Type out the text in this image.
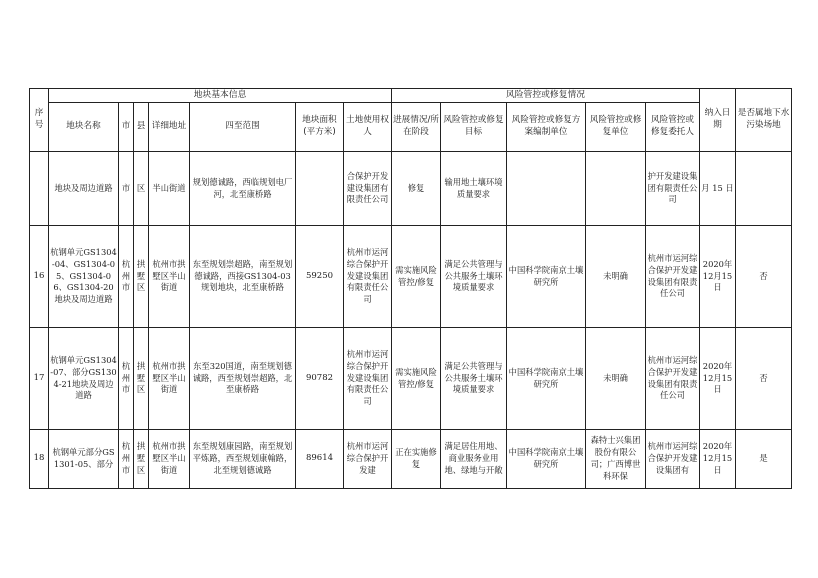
序号	地块基本信息							风险管控或修复情况					纳入日期	是否属地下水污染场地
	地块名称	市	县	详细地址	四至范围	地块面积(平方米)	土地使用权人	进展情况/所在阶段	风险管控或修复目标	风险管控或修复方案编制单位	风险管控或修复单位	风险管控或修复委托人		
	地块及周边道路	市	区	半山街道	规划德诚路，西临规划电厂河，北至康桥路		合保护开发建设集团有限责任公司	修复	输用地土壤环境质量要求			护开发建设集团有限责任公司	月 15 日	
16	杭钢单元GS1304-04、GS1304-05、GS1304-06、GS1304-20地块及周边道路	杭州市	拱墅区	杭州市拱墅区半山街道	东至规划崇超路，南至规划德诚路，西接GS1304-03规划地块，北至康桥路	59250	杭州市运河综合保护开发建设集团有限责任公司	需实施风险管控/修复	满足公共管理与公共服务土壤环境质量要求	中国科学院南京土壤研究所	未明确	杭州市运河综合保护开发建设集团有限责任公司	2020年12月15日	否
17	杭钢单元GS1304-07、部分GS1304-21地块及周边道路	杭州市	拱墅区	杭州市拱墅区半山街道	东至320国道，南至规划德诚路，西至规划崇超路，北至康桥路	90782	杭州市运河综合保护开发建设集团有限责任公司	需实施风险管控/修复	满足公共管理与公共服务土壤环境质量要求	中国科学院南京土壤研究所	未明确	杭州市运河综合保护开发建设集团有限责任公司	2020年12月15日	否
18	杭钢单元部分GS1301-05、部分	杭州市	拱墅区	杭州市拱墅区半山街道	东至规划康园路，南至规划平炼路，西至规划康翰路，北至规划德诚路	89614	杭州市运河综合保护开发建	正在实施修复	满足居住用地、商业服务业用地、绿地与开敞	中国科学院南京土壤研究所	森特士兴集团股份有限公司；广西博世科环保	杭州市运河综合保护开发建设集团有	2020年12月15日	是
